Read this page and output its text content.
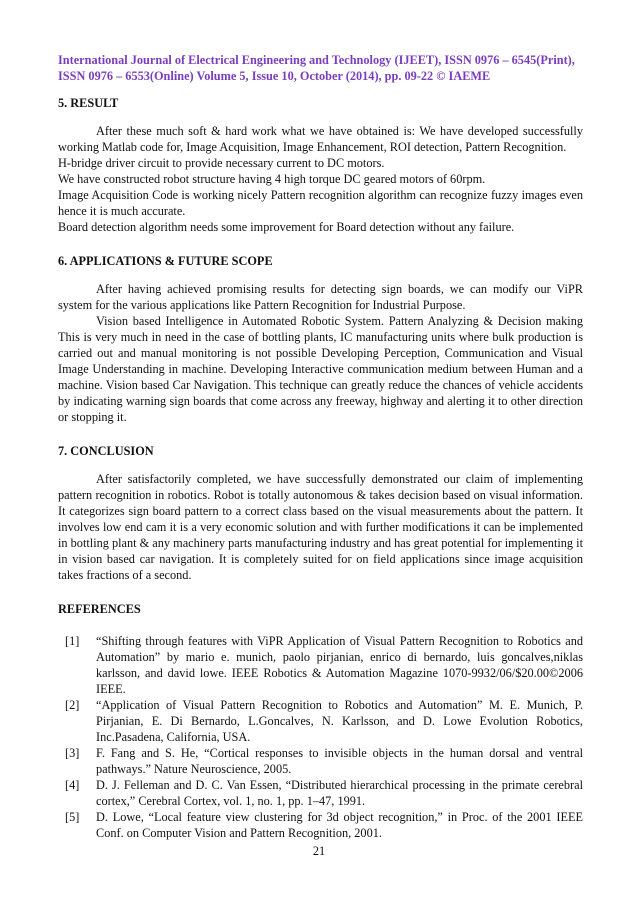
International Journal of Electrical Engineering and Technology (IJEET), ISSN 0976 – 6545(Print),
ISSN 0976 – 6553(Online) Volume 5, Issue 10, October (2014), pp. 09-22 © IAEME
5. RESULT

After these much soft & hard work what we have obtained is: We have developed successfully working Matlab code for, Image Acquisition, Image Enhancement, ROI detection, Pattern Recognition.

H-bridge driver circuit to provide necessary current to DC motors.

We have constructed robot structure having 4 high torque DC geared motors of 60rpm.

Image Acquisition Code is working nicely Pattern recognition algorithm can recognize fuzzy images even hence it is much accurate.

Board detection algorithm needs some improvement for Board detection without any failure.

6. APPLICATIONS & FUTURE SCOPE

After having achieved promising results for detecting sign boards, we can modify our ViPR system for the various applications like Pattern Recognition for Industrial Purpose.

Vision based Intelligence in Automated Robotic System. Pattern Analyzing & Decision making This is very much in need in the case of bottling plants, IC manufacturing units where bulk production is carried out and manual monitoring is not possible Developing Perception, Communication and Visual Image Understanding in machine. Developing Interactive communication medium between Human and a machine. Vision based Car Navigation. This technique can greatly reduce the chances of vehicle accidents by indicating warning sign boards that come across any freeway, highway and alerting it to other direction or stopping it.

7. CONCLUSION

After satisfactorily completed, we have successfully demonstrated our claim of implementing pattern recognition in robotics. Robot is totally autonomous & takes decision based on visual information. It categorizes sign board pattern to a correct class based on the visual measurements about the pattern. It involves low end cam it is a very economic solution and with further modifications it can be implemented in bottling plant & any machinery parts manufacturing industry and has great potential for implementing it in vision based car navigation. It is completely suited for on field applications since image acquisition takes fractions of a second.

REFERENCES
[1] “Shifting through features with ViPR Application of Visual Pattern Recognition to Robotics and Automation” by mario e. munich, paolo pirjanian, enrico di bernardo, luis goncalves,niklas karlsson, and david lowe. IEEE Robotics & Automation Magazine 1070-9932/06/$20.00©2006 IEEE.
[2] “Application of Visual Pattern Recognition to Robotics and Automation” M. E. Munich, P. Pirjanian, E. Di Bernardo, L.Goncalves, N. Karlsson, and D. Lowe Evolution Robotics, Inc.Pasadena, California, USA.
[3] F. Fang and S. He, “Cortical responses to invisible objects in the human dorsal and ventral pathways.” Nature Neuroscience, 2005.
[4] D. J. Felleman and D. C. Van Essen, “Distributed hierarchical processing in the primate cerebral cortex,” Cerebral Cortex, vol. 1, no. 1, pp. 1–47, 1991.
[5] D. Lowe, “Local feature view clustering for 3d object recognition,” in Proc. of the 2001 IEEE Conf. on Computer Vision and Pattern Recognition, 2001.
21
